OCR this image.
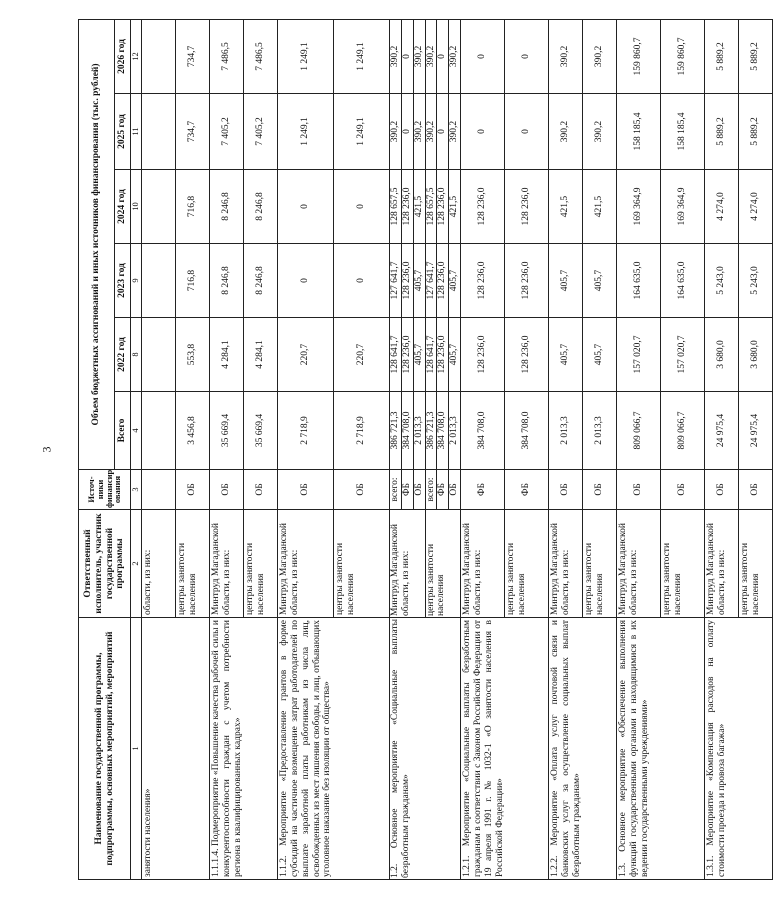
3
Наименование государственной программы, подпрограммы, основных мероприятий, мероприятий	Ответственный исполнитель, участник государственной программы	Источ-ники финансир ования	Объем бюджетных ассигнований и иных источников финансирования (тыс. рублей)					
			Всего	2022 год	2023 год	2024 год	2025 год	2026 год
1	2	3	4	8	9	10	11	12
занятости населения»	области, из них:							
	центры занятости населения	ОБ	3 456,8	553,8	716,8	716,8	734,7	734,7
1.1.1.4. Подмероприятие «Повышение качества рабочей силы и конкурентоспособности граждан с учетом потребности региона в квалифицированных кадрах»	Минтруд Магаданской области, из них:	ОБ	35 669,4	4 284,1	8 246,8	8 246,8	7 405,2	7 486,5
	центры занятости населения	ОБ	35 669,4	4 284,1	8 246,8	8 246,8	7 405,2	7 486,5
1.1.2. Мероприятие «Предоставление грантов в форме субсидий на частичное возмещение затрат работодателей по выплате заработной платы работникам из числа лиц, освобожденных из мест лишения свободы, и лиц, отбывающих уголовное наказание без изоляции от общества»	Минтруд Магаданской области, из них:	ОБ	2 718,9	220,7	0	0	1 249,1	1 249,1
	центры занятости населения	ОБ	2 718,9	220,7	0	0	1 249,1	1 249,1
1.2. Основное мероприятие «Социальные выплаты безработным гражданам»	Минтруд Магаданской области, из них:	всего:	386 721,3	128 641,7	127 641,7	128 657,5	390,2	390,2
		ФБ	384 708,0	128 236,0	128 236,0	128 236,0	0	0
		ОБ	2 013,3	405,7	405,7	421,5	390,2	390,2
	центры занятости населения	всего:	386 721,3	128 641,7	127 641,7	128 657,5	390,2	390,2
		ФБ	384 708,0	128 236,0	128 236,0	128 236,0	0	0
		ОБ	2 013,3	405,7	405,7	421,5	390,2	390,2
1.2.1. Мероприятие «Социальные выплаты безработным гражданам в соответствии с Законом Российской Федерации от 19 апреля 1991 г. № 1032-1 «О занятости населения в Российской Федерации»	Минтруд Магаданской области, из них:	ФБ	384 708,0	128 236,0	128 236,0	128 236,0	0	0
	центры занятости населения	ФБ	384 708,0	128 236,0	128 236,0	128 236,0	0	0
1.2.2. Мероприятие «Оплата услуг почтовой связи и банковских услуг за осуществление социальных выплат безработным гражданам»	Минтруд Магаданской области, из них:	ОБ	2 013,3	405,7	405,7	421,5	390,2	390,2
	центры занятости населения	ОБ	2 013,3	405,7	405,7	421,5	390,2	390,2
1.3. Основное мероприятие «Обеспечение выполнения функций государственными органами и находящимися в их ведении государственными учреждениями»	Минтруд Магаданской области, из них:	ОБ	809 066,7	157 020,7	164 635,0	169 364,9	158 185,4	159 860,7
	центры занятости населения	ОБ	809 066,7	157 020,7	164 635,0	169 364,9	158 185,4	159 860,7
1.3.1. Мероприятие «Компенсация расходов на оплату стоимости проезда и провоза багажа»	Минтруд Магаданской области, из них:	ОБ	24 975,4	3 680,0	5 243,0	4 274,0	5 889,2	5 889,2
	центры занятости населения	ОБ	24 975,4	3 680,0	5 243,0	4 274,0	5 889,2	5 889,2
